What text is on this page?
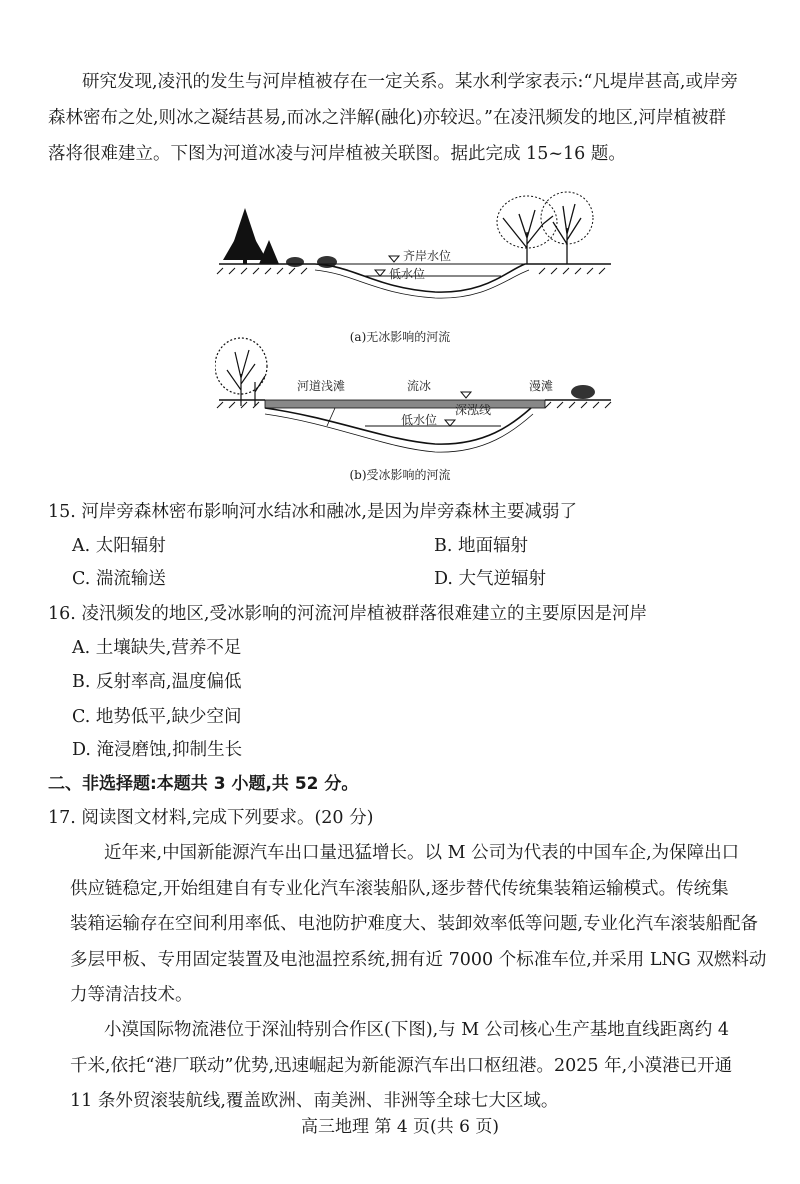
研究发现,凌汛的发生与河岸植被存在一定关系。某水利学家表示:“凡堤岸甚高,或岸旁
森林密布之处,则冰之凝结甚易,而冰之泮解(融化)亦较迟。”在凌汛频发的地区,河岸植被群
落将很难建立。下图为河道冰凌与河岸植被关联图。据此完成 15~16 题。
齐岸水位
低水位
(a)无冰影响的河流
河道浅滩	流冰	漫滩
深泓线
低水位
(b)受冰影响的河流
15. 河岸旁森林密布影响河水结冰和融冰,是因为岸旁森林主要减弱了
A. 太阳辐射	B. 地面辐射
C. 湍流输送	D. 大气逆辐射
16. 凌汛频发的地区,受冰影响的河流河岸植被群落很难建立的主要原因是河岸
A. 土壤缺失,营养不足
B. 反射率高,温度偏低
C. 地势低平,缺少空间
D. 淹浸磨蚀,抑制生长
二、非选择题:本题共 3 小题,共 52 分。
17. 阅读图文材料,完成下列要求。(20 分)
近年来,中国新能源汽车出口量迅猛增长。以 M 公司为代表的中国车企,为保障出口
供应链稳定,开始组建自有专业化汽车滚装船队,逐步替代传统集装箱运输模式。传统集
装箱运输存在空间利用率低、电池防护难度大、装卸效率低等问题,专业化汽车滚装船配备
多层甲板、专用固定装置及电池温控系统,拥有近 7000 个标准车位,并采用 LNG 双燃料动
力等清洁技术。
小漠国际物流港位于深汕特别合作区(下图),与 M 公司核心生产基地直线距离约 4
千米,依托“港厂联动”优势,迅速崛起为新能源汽车出口枢纽港。2025 年,小漠港已开通
11 条外贸滚装航线,覆盖欧洲、南美洲、非洲等全球七大区域。
高三地理 第 4 页(共 6 页)
